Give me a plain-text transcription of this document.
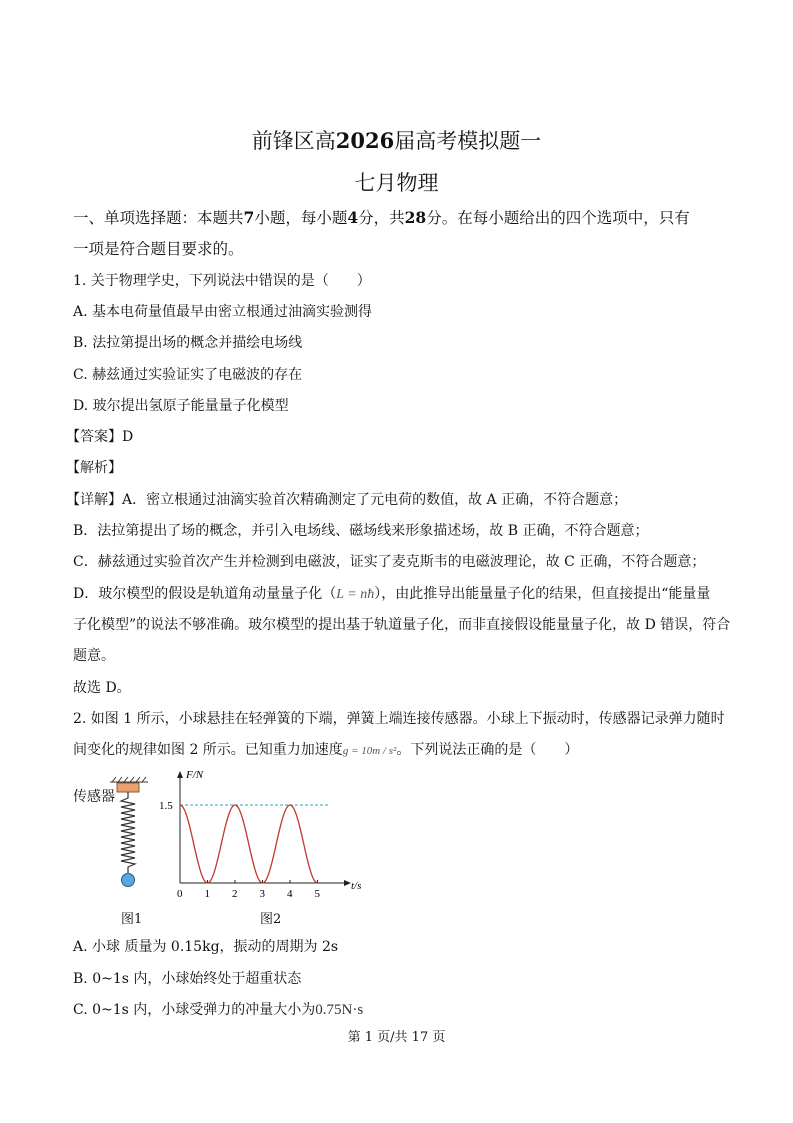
前锋区高2026届高考模拟题一
七月物理
一、单项选择题：本题共7小题，每小题4分，共28分。在每小题给出的四个选项中，只有
一项是符合题目要求的。
1. 关于物理学史，下列说法中错误的是（　　）
A. 基本电荷量值最早由密立根通过油滴实验测得
B. 法拉第提出场的概念并描绘电场线
C. 赫兹通过实验证实了电磁波的存在
D. 玻尔提出氢原子能量量子化模型
【答案】D
【解析】
【详解】A．密立根通过油滴实验首次精确测定了元电荷的数值，故 A 正确，不符合题意；
B．法拉第提出了场的概念，并引入电场线、磁场线来形象描述场，故 B 正确，不符合题意；
C．赫兹通过实验首次产生并检测到电磁波，证实了麦克斯韦的电磁波理论，故 C 正确，不符合题意；
D．玻尔模型的假设是轨道角动量量子化（L = nħ），由此推导出能量量子化的结果，但直接提出“能量量
子化模型”的说法不够准确。玻尔模型的提出基于轨道量子化，而非直接假设能量量子化，故 D 错误，符合
题意。
故选 D。
2. 如图 1 所示，小球悬挂在轻弹簧的下端，弹簧上端连接传感器。小球上下振动时，传感器记录弹力随时
间变化的规律如图 2 所示。已知重力加速度g = 10m / s²。下列说法正确的是（　　）
传感器
图1
F/N
t/s
0 1 2 3 4 5
1.5
图2
A. 小球 质量为 0.15kg，振动的周期为 2s
B. 0~1s 内，小球始终处于超重状态
C. 0~1s 内，小球受弹力的冲量大小为0.75N·s
第 1 页/共 17 页
